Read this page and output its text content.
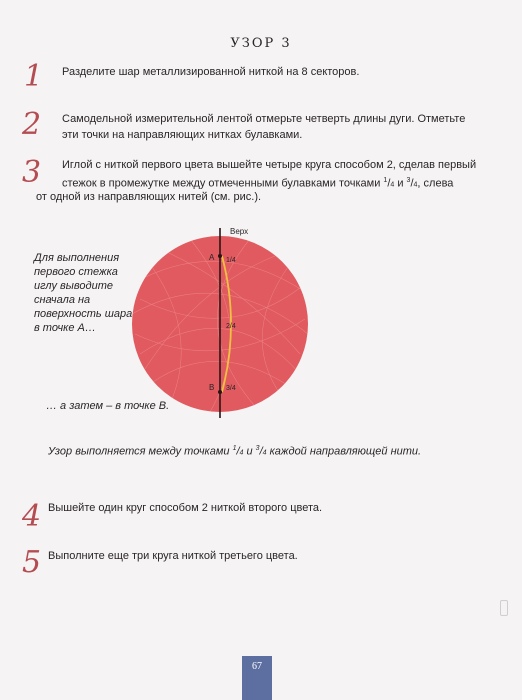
УЗОР 3
1 Разделите шар металлизированной ниткой на 8 секторов.
2 Самодельной измерительной лентой отмерьте четверть длины дуги. Отметьте
эти точки на направляющих нитках булавками.
3 Иглой с ниткой первого цвета вышейте четыре круга способом 2, сделав первый
стежок в промежутке между отмеченными булавками точками $^1$/4 и $^3$/4, слева
от одной из направляющих нитей (см. рис.).
Верх
A
B
1/4
2/4
3/4
Для выполнения
первого стежка
иглу выводите
сначала на
поверхность шара
в точке А…
… а затем – в точке В.
Узор выполняется между точками $^1$/4 и $^3$/4 каждой направляющей нити.
4 Вышейте один круг способом 2 ниткой второго цвета.
5 Выполните еще три круга ниткой третьего цвета.
67
